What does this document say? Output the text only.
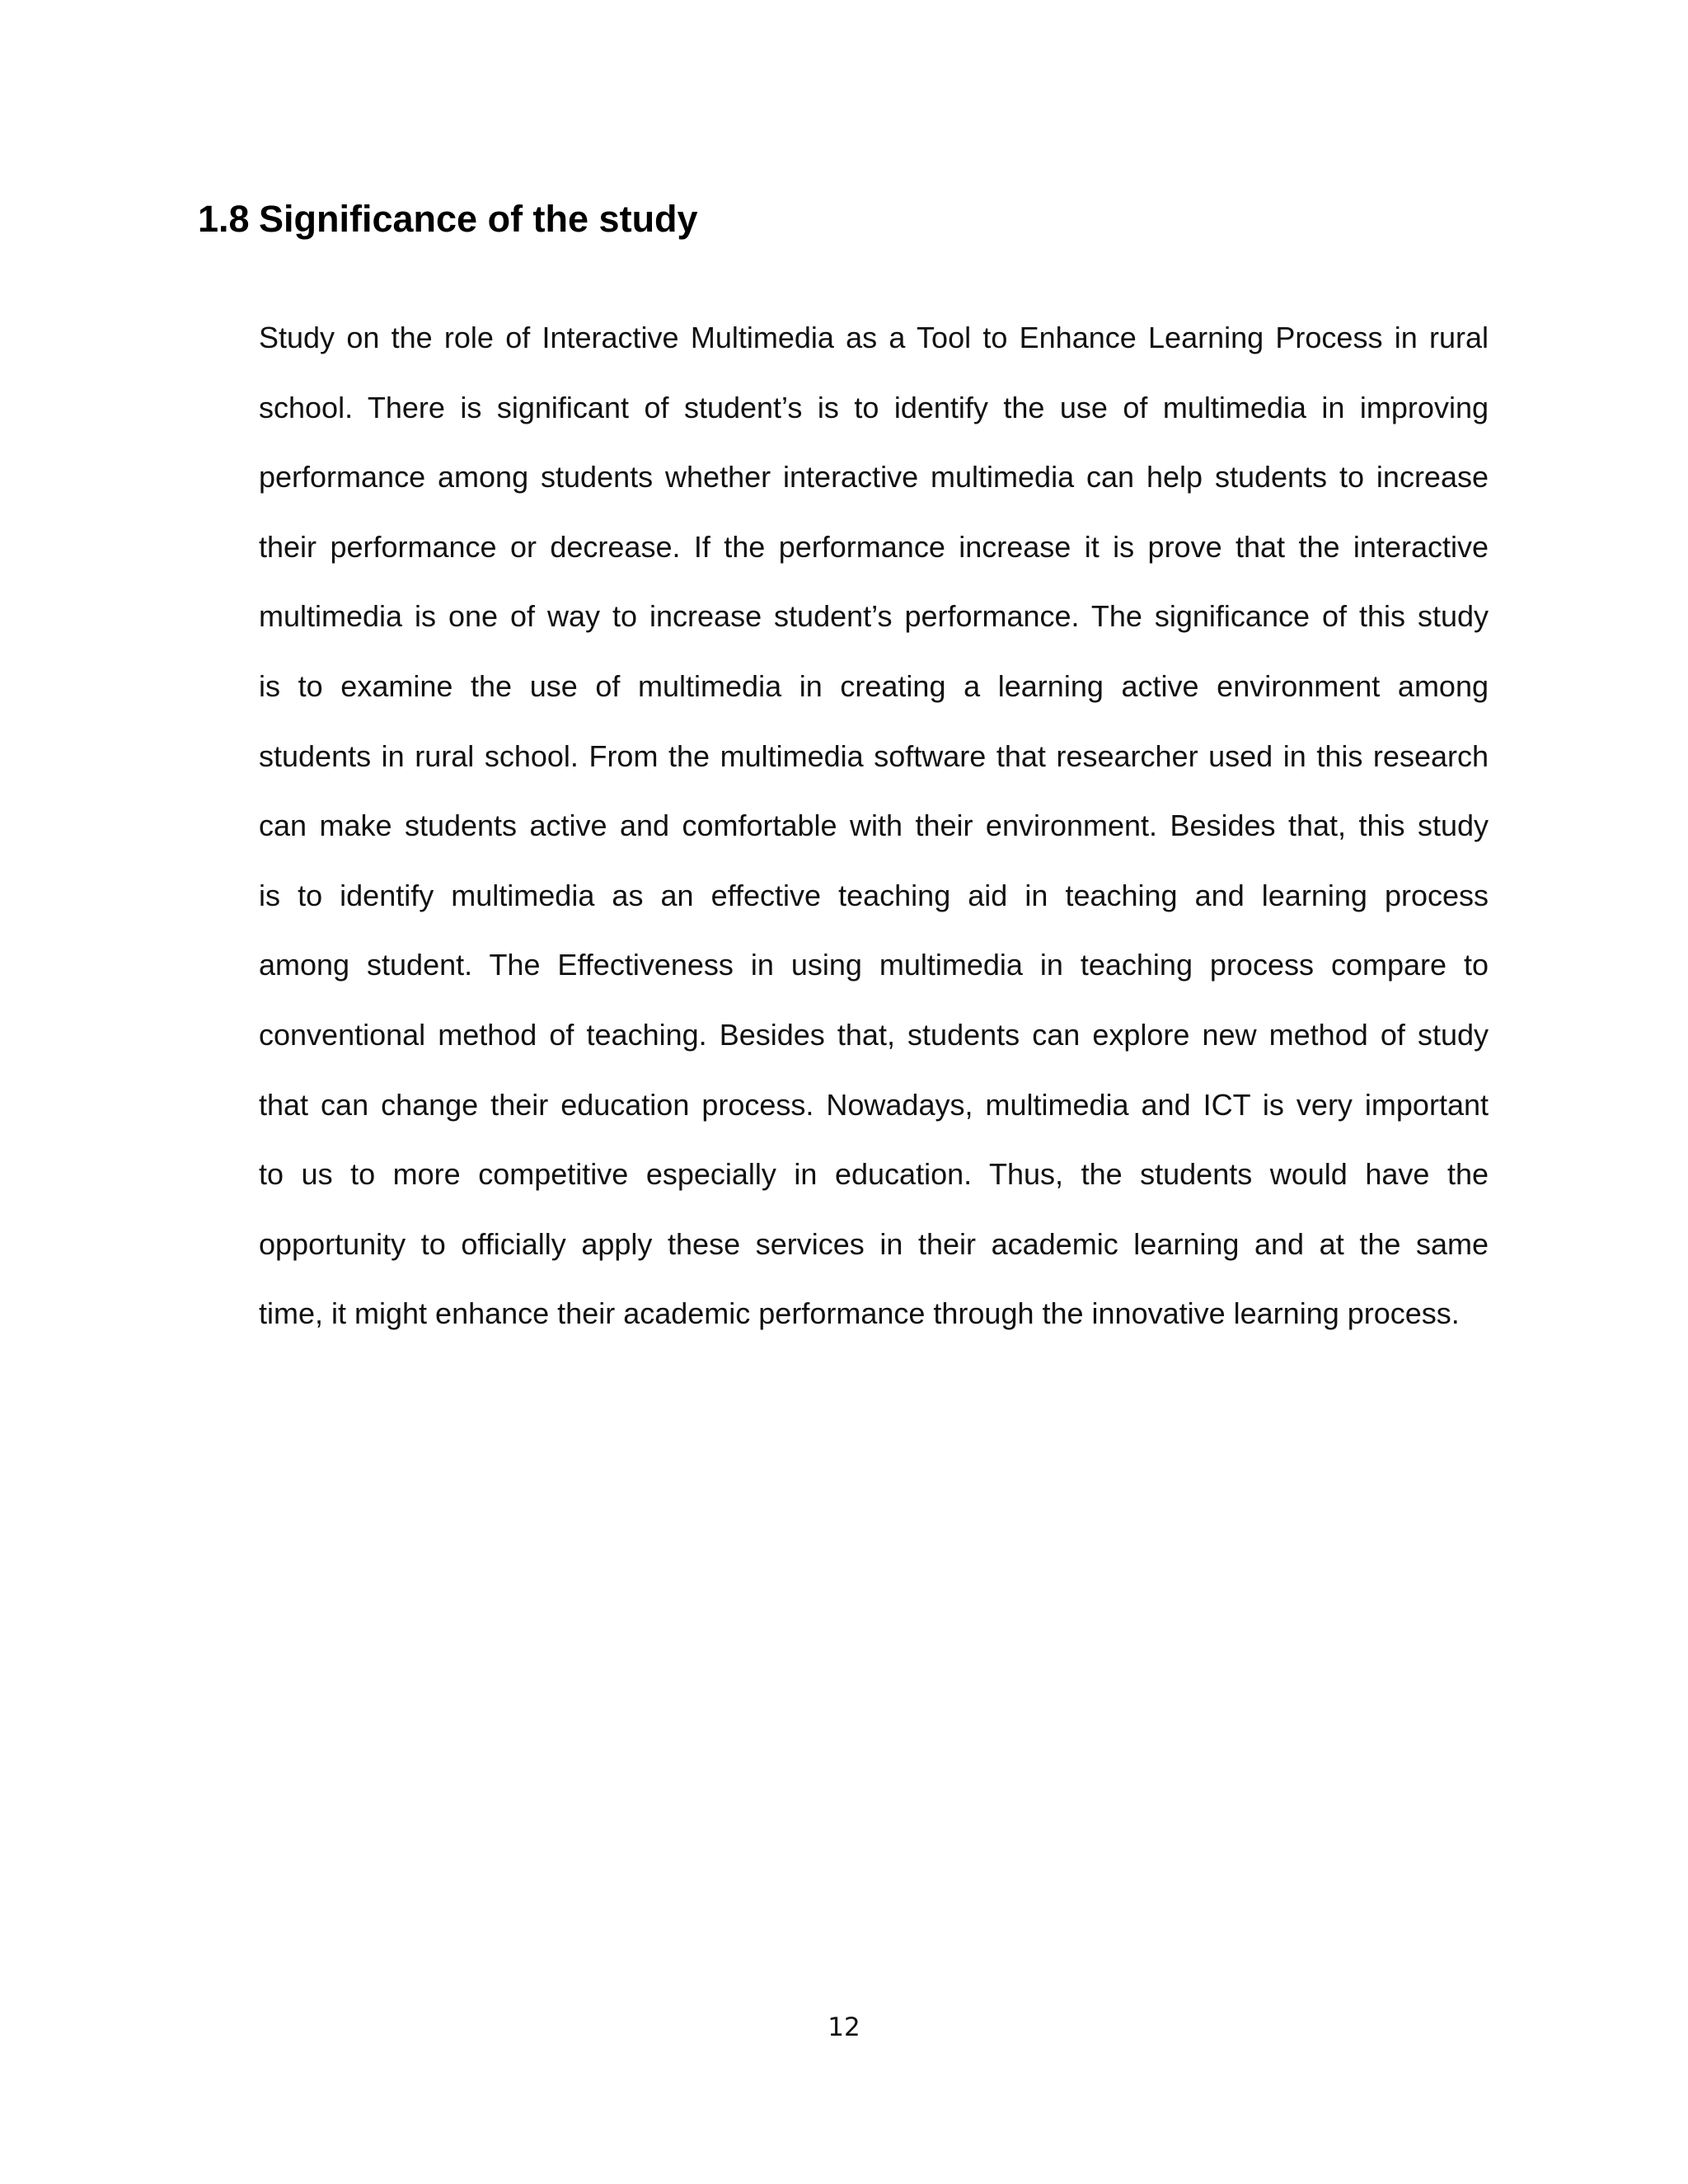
1.8 Significance of the study
Study on the role of Interactive Multimedia as a Tool to Enhance Learning Process in rural
school. There is significant of student’s is to identify the use of multimedia in improving
performance among students whether interactive multimedia can help students to increase
their performance or decrease. If the performance increase it is prove that the interactive
multimedia is one of way to increase student’s performance. The significance of this study
is to examine the use of multimedia in creating a learning active environment among
students in rural school. From the multimedia software that researcher used in this research
can make students active and comfortable with their environment. Besides that, this study
is to identify multimedia as an effective teaching aid in teaching and learning process
among student. The Effectiveness in using multimedia in teaching process compare to
conventional method of teaching. Besides that, students can explore new method of study
that can change their education process. Nowadays, multimedia and ICT is very important
to us to more competitive especially in education. Thus, the students would have the
opportunity to officially apply these services in their academic learning and at the same
time, it might enhance their academic performance through the innovative learning process.

12
